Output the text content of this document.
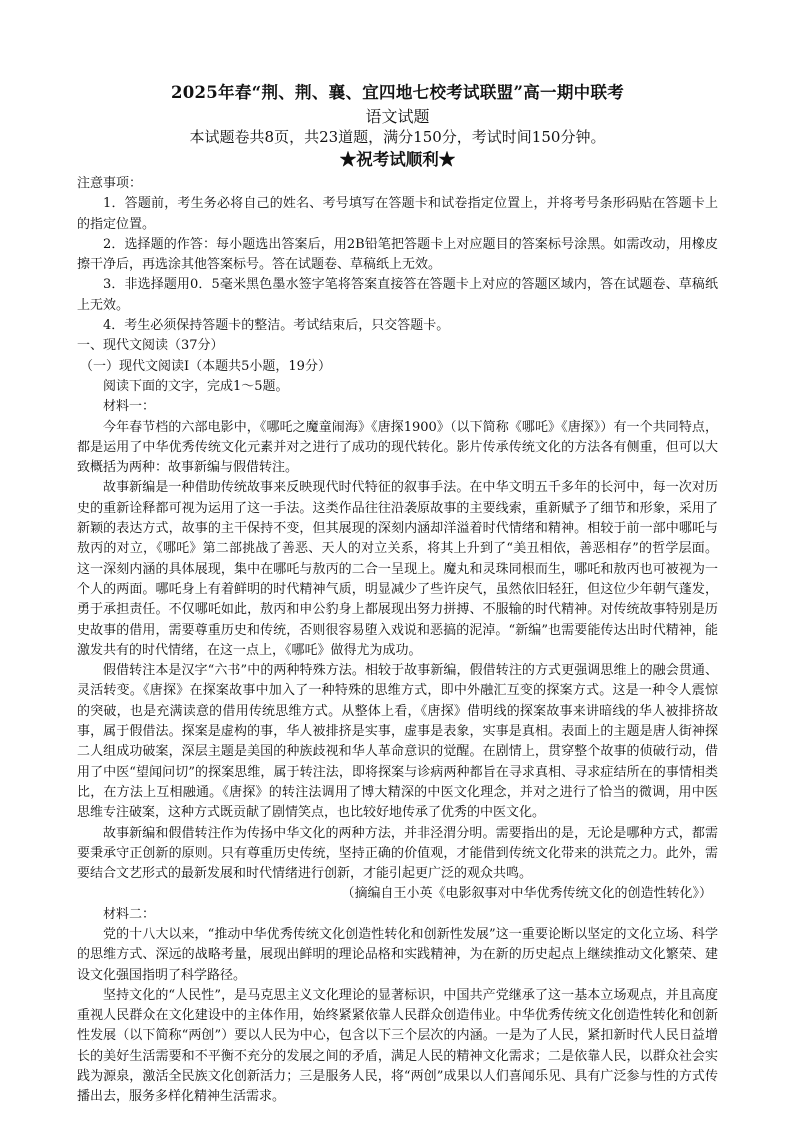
2025年春“荆、荆、襄、宜四地七校考试联盟”高一期中联考

语文试题

本试题卷共8页，共23道题，满分150分，考试时间150分钟。

★祝考试顺利★

注意事项：

1．答题前，考生务必将自己的姓名、考号填写在答题卡和试卷指定位置上，并将考号条形码贴在答题卡上的指定位置。

2．选择题的作答：每小题选出答案后，用2B铅笔把答题卡上对应题目的答案标号涂黑。如需改动，用橡皮擦干净后，再选涂其他答案标号。答在试题卷、草稿纸上无效。

3．非选择题用0．5毫米黑色墨水签字笔将答案直接答在答题卡上对应的答题区域内，答在试题卷、草稿纸上无效。

4．考生必须保持答题卡的整洁。考试结束后，只交答题卡。

一、现代文阅读（37分）

（一）现代文阅读Ⅰ（本题共5小题，19分）

阅读下面的文字，完成1～5题。

材料一：

今年春节档的六部电影中，《哪吒之魔童闹海》《唐探1900》（以下简称《哪吒》《唐探》）有一个共同特点，都是运用了中华优秀传统文化元素并对之进行了成功的现代转化。影片传承传统文化的方法各有侧重，但可以大致概括为两种：故事新编与假借转注。

故事新编是一种借助传统故事来反映现代时代特征的叙事手法。在中华文明五千多年的长河中，每一次对历史的重新诠释都可视为运用了这一手法。这类作品往往沿袭原故事的主要线索，重新赋予了细节和形象，采用了新颖的表达方式，故事的主干保持不变，但其展现的深刻内涵却洋溢着时代情绪和精神。相较于前一部中哪吒与敖丙的对立，《哪吒》第二部挑战了善恶、天人的对立关系，将其上升到了“美丑相依，善恶相存”的哲学层面。这一深刻内涵的具体展现，集中在哪吒与敖丙的二合一呈现上。魔丸和灵珠同根而生，哪吒和敖丙也可被视为一个人的两面。哪吒身上有着鲜明的时代精神气质，明显减少了些许戾气，虽然依旧轻狂，但这位少年朝气蓬发，勇于承担责任。不仅哪吒如此，敖丙和申公豹身上都展现出努力拼搏、不服输的时代精神。对传统故事特别是历史故事的借用，需要尊重历史和传统，否则很容易堕入戏说和恶搞的泥淖。“新编”也需要能传达出时代精神，能激发共有的时代情绪，在这一点上，《哪吒》做得尤为成功。

假借转注本是汉字“六书”中的两种特殊方法。相较于故事新编，假借转注的方式更强调思维上的融会贯通、灵活转变。《唐探》在探案故事中加入了一种特殊的思维方式，即中外融汇互变的探案方式。这是一种令人震惊的突破，也是充满读意的借用传统思维方式。从整体上看，《唐探》借明线的探案故事来讲暗线的华人被排挤故事，属于假借法。探案是虚构的事，华人被排挤是实事，虚事是表象，实事是真相。表面上的主题是唐人街神探二人组成功破案，深层主题是美国的种族歧视和华人革命意识的觉醒。在剧情上，贯穿整个故事的侦破行动，借用了中医“望闻问切”的探案思维，属于转注法，即将探案与诊病两种都旨在寻求真相、寻求症结所在的事情相类比，在方法上互相融通。《唐探》的转注法调用了博大精深的中医文化理念，并对之进行了恰当的微调，用中医思维专注破案，这种方式既贡献了剧情笑点，也比较好地传承了优秀的中医文化。

故事新编和假借转注作为传扬中华文化的两种方法，并非泾渭分明。需要指出的是，无论是哪种方式，都需要秉承守正创新的原则。只有尊重历史传统，坚持正确的价值观，才能借到传统文化带来的洪荒之力。此外，需要结合文艺形式的最新发展和时代情绪进行创新，才能引起更广泛的观众共鸣。

（摘编自王小英《电影叙事对中华优秀传统文化的创造性转化》）

材料二：

党的十八大以来，“推动中华优秀传统文化创造性转化和创新性发展”这一重要论断以坚定的文化立场、科学的思维方式、深远的战略考量，展现出鲜明的理论品格和实践精神，为在新的历史起点上继续推动文化繁荣、建设文化强国指明了科学路径。

坚持文化的“人民性”，是马克思主义文化理论的显著标识，中国共产党继承了这一基本立场观点，并且高度重视人民群众在文化建设中的主体作用，始终紧紧依靠人民群众创造伟业。中华优秀传统文化创造性转化和创新性发展（以下简称“两创”）要以人民为中心，包含以下三个层次的内涵。一是为了人民，紧扣新时代人民日益增长的美好生活需要和不平衡不充分的发展之间的矛盾，满足人民的精神文化需求；二是依靠人民，以群众社会实践为源泉，激活全民族文化创新活力；三是服务人民，将“两创”成果以人们喜闻乐见、具有广泛参与性的方式传播出去，服务多样化精神生活需求。
